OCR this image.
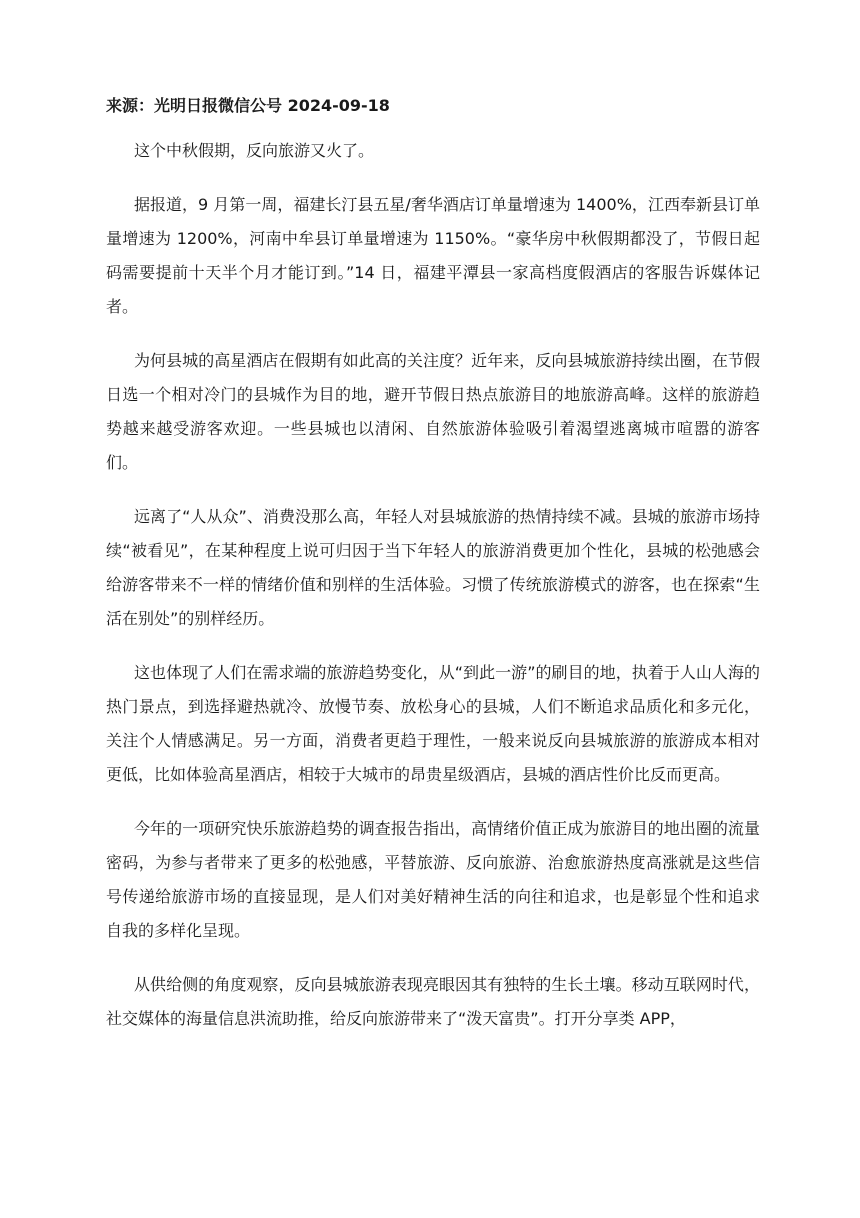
来源：光明日报微信公号 2024-09-18

这个中秋假期，反向旅游又火了。

据报道，9 月第一周，福建长汀县五星/奢华酒店订单量增速为 1400%，江西奉新县订单量增速为 1200%，河南中牟县订单量增速为 1150%。“豪华房中秋假期都没了，节假日起码需要提前十天半个月才能订到。”14 日，福建平潭县一家高档度假酒店的客服告诉媒体记者。

为何县城的高星酒店在假期有如此高的关注度？近年来，反向县城旅游持续出圈，在节假日选一个相对冷门的县城作为目的地，避开节假日热点旅游目的地旅游高峰。这样的旅游趋势越来越受游客欢迎。一些县城也以清闲、自然旅游体验吸引着渴望逃离城市喧嚣的游客们。

远离了“人从众”、消费没那么高，年轻人对县城旅游的热情持续不减。县城的旅游市场持续“被看见”，在某种程度上说可归因于当下年轻人的旅游消费更加个性化，县城的松弛感会给游客带来不一样的情绪价值和别样的生活体验。习惯了传统旅游模式的游客，也在探索“生活在别处”的别样经历。

这也体现了人们在需求端的旅游趋势变化，从“到此一游”的刷目的地，执着于人山人海的热门景点，到选择避热就冷、放慢节奏、放松身心的县城，人们不断追求品质化和多元化，关注个人情感满足。另一方面，消费者更趋于理性，一般来说反向县城旅游的旅游成本相对更低，比如体验高星酒店，相较于大城市的昂贵星级酒店，县城的酒店性价比反而更高。

今年的一项研究快乐旅游趋势的调查报告指出，高情绪价值正成为旅游目的地出圈的流量密码，为参与者带来了更多的松弛感，平替旅游、反向旅游、治愈旅游热度高涨就是这些信号传递给旅游市场的直接显现，是人们对美好精神生活的向往和追求，也是彰显个性和追求自我的多样化呈现。

从供给侧的角度观察，反向县城旅游表现亮眼因其有独特的生长土壤。移动互联网时代，社交媒体的海量信息洪流助推，给反向旅游带来了“泼天富贵”。打开分享类 APP，
